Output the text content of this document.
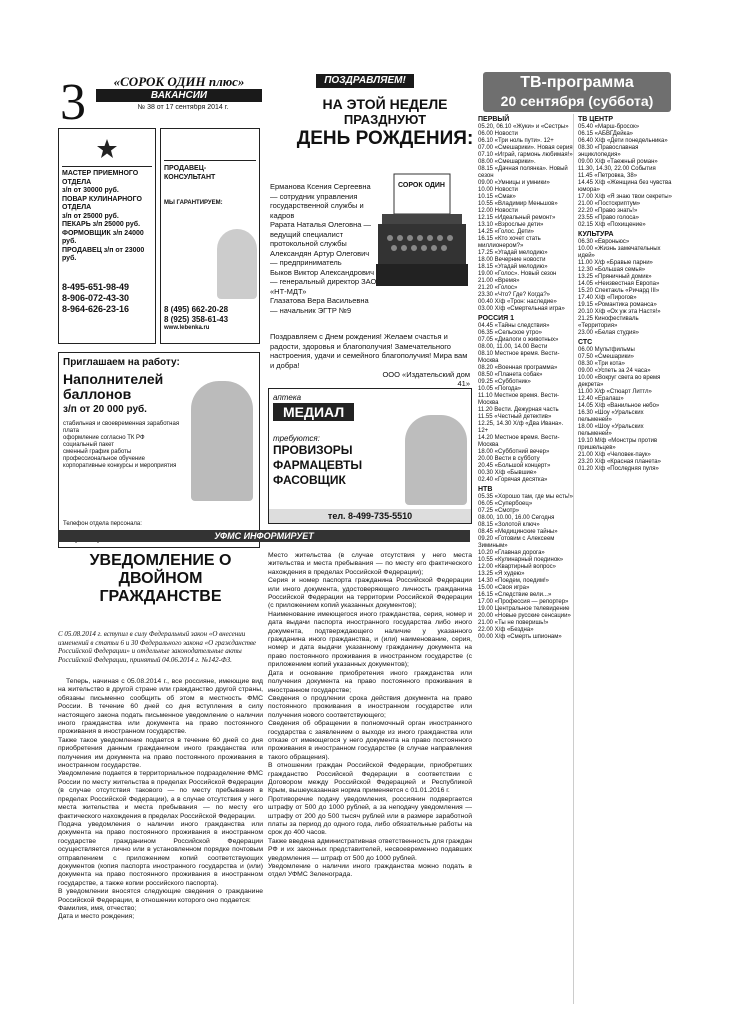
3	«СОРОК ОДИН плюс»
ВАКАНСИИ
№ 38 от 17 сентября 2014 г.
ПОЗДРАВЛЯЕМ!	ТВ-программа
20 сентября (суббота)
МАСТЕР ПРИЕМНОГО ОТДЕЛА
з/п от 30000 руб.
ПОВАР КУЛИНАРНОГО ОТДЕЛА
з/п от 25000 руб.
ПЕКАРЬ з/п 25000 руб.
ФОРМОВЩИК з/п 24000 руб.
ПРОДАВЕЦ з/п от 23000 руб.
8-495-651-98-49
8-906-072-43-30
8-964-626-23-16
ПРОДАВЕЦ-КОНСУЛЬТАНТ
МЫ ГАРАНТИРУЕМ:
8 (495) 662-20-28
8 (925) 358-61-43
www.lebenka.ru
Приглашаем на работу:
Наполнителей баллонов
з/п от 20 000 руб.
стабильная и своевременная заработная плата
оформление согласно ТК РФ
социальный пакет
сменный график работы
профессиональное обучение
корпоративные конкурсы и мероприятия
Телефон отдела персонала:
НА ЭТОЙ НЕДЕЛЕ
ПРАЗДНУЮТ
ДЕНЬ РОЖДЕНИЯ:
Ерманова Ксения Сергеевна — сотрудник управления государственной службы и кадров
Рарата Наталья Олеговна — ведущий специалист протокольной службы
Александян Артур Олегович — предприниматель
Быков Виктор Александрович — генеральный директор ЗАО «НТ-МДТ»
Глазатова Вера Васильевна — начальник ЭГТР №9
СОРОК ОДИН
Поздравляем с Днем рождения! Желаем счастья и радости, здоровья и благополучия! Замечательного настроения, удачи и семейного благополучия! Мира вам и добра!
ООО «Издательский дом 41»
аптека
МЕДИАЛ
требуются:
ПРОВИЗОРЫ
ФАРМАЦЕВТЫ
ФАСОВЩИК
тел. 8-499-735-5510
УФМС ИНФОРМИРУЕТ
УВЕДОМЛЕНИЕ О ДВОЙНОМ ГРАЖДАНСТВЕ
С 05.08.2014 г. вступил в силу Федеральный закон «О внесении изменений в статьи 6 и 30 Федерального закона «О гражданстве Российской Федерации» и отдельные законодательные акты Российской Федерации, принятый 04.06.2014 г. №142-ФЗ.
Теперь, начиная с 05.08.2014 г., все россияне, имеющие вид на жительство в другой стране или гражданство другой страны, обязаны письменно сообщить об этом в местность ФМС России. В течение 60 дней со дня вступления в силу настоящего закона подать письменное уведомление о наличии иного гражданства или документа на право постоянного проживания в иностранном государстве.
Также такое уведомление подается в течение 60 дней со дня приобретения данным гражданином иного гражданства или получения им документа на право постоянного проживания в иностранном государстве.
Уведомление подается в территориальное подразделение ФМС России по месту жительства в пределах Российской Федерации (в случае отсутствия такового — по месту пребывания в пределах Российской Федерации), а в случае отсутствия у него места жительства и места пребывания — по месту его фактического нахождения в пределах Российской Федерации.
Подача уведомления о наличии иного гражданства или документа на право постоянного проживания в иностранном государстве гражданином Российской Федерации осуществляется лично или в установленном порядке почтовым отправлением с приложением копий соответствующих документов (копия паспорта иностранного государства и (или) документа на право постоянного проживания в иностранном государстве, а также копии российского паспорта).
В уведомлении вносятся следующие сведения о гражданине Российской Федерации, в отношении которого оно подается:
Фамилия, имя, отчество;
Дата и место рождения;
Место жительства (в случае отсутствия у него места жительства и места пребывания — по месту его фактического нахождения в пределах Российской Федерации);
Серия и номер паспорта гражданина Российской Федерации или иного документа, удостоверяющего личность гражданина Российской Федерации на территории Российской Федерации (с приложением копий указанных документов);
Наименование имеющегося иного гражданства, серия, номер и дата выдачи паспорта иностранного государства либо иного документа, подтверждающего наличие у указанного гражданина иного гражданства, и (или) наименование, серия, номер и дата выдачи указанному гражданину документа на право постоянного проживания в иностранном государстве (с приложением копий указанных документов);
Дата и основание приобретения иного гражданства или получения документа на право постоянного проживания в иностранном государстве;
Сведения о продлении срока действия документа на право постоянного проживания в иностранном государстве или получения нового соответствующего;
Сведения об обращении в полномочный орган иностранного государства с заявлением о выходе из иного гражданства или отказе от имеющегося у него документа на право постоянного проживания в иностранном государстве (в случае направления такого обращения).
В отношении граждан Российской Федерации, приобретших гражданство Российской Федерации в соответствии с Договором между Российской Федерацией и Республикой Крым, вышеуказанная норма применяется с 01.01.2016 г.
Противоречие подачу уведомления, россиянин подвергается штрафу от 500 до 1000 рублей, а за неподачу уведомления — штрафу от 200 до 500 тысяч рублей или в размере заработной платы за период до одного года, либо обязательные работы на срок до 400 часов.
Также введена административная ответственность для граждан РФ и их законных представителей, несвоевременно подавших уведомления — штраф от 500 до 1000 рублей.
Уведомление о наличии иного гражданства можно подать в отдел УФМС Зеленограда.
ПЕРВЫЙ
05.20, 06.10 «Жуки» и «Сестры»
06.00 Новости
06.10 «Три ноль пути». 12+
07.00 «Смешарики». Новая серия
07.10 «Играй, гармонь любимая!»
08.00 «Смешарики».
08.15 «Дачная полянка». Новый сезон
09.00 «Умницы и умники»
10.00 Новости
10.15 «Смак»
10.55 «Владимир Меньшов»
12.00 Новости
12.15 «Идеальный ремонт»
13.10 «Взрослые дети»
14.25 «Голос. Дети»
16.15 «Кто хочет стать миллионером?»
17.25 «Угадай мелодию»
18.00 Вечерние новости
18.15 «Угадай мелодию»
19.00 «Голос». Новый сезон
21.00 «Время»
21.20 «Голос»
23.30 «Что? Где? Когда?»
00.40 Х/ф «Трон: наследие»
03.00 Х/ф «Смертельная игра»
РОССИЯ 1
04.45 «Тайны следствия»
06.35 «Сельское утро»
07.05 «Диалоги о животных»
08.00, 11.00, 14.00 Вести
08.10 Местное время. Вести-Москва
08.20 «Военная программа»
08.50 «Планета собак»
09.25 «Субботник»
10.05 «Погода»
11.10 Местное время. Вести-Москва
11.20 Вести. Дежурная часть
11.55 «Честный детектив»
12.25, 14.30 Х/ф «Два Ивана». 12+
14.20 Местное время. Вести-Москва
18.00 «Субботний вечер»
20.00 Вести в субботу
20.45 «Большой концерт»
00.30 Х/ф «Бывшие»
02.40 «Горячая десятка»
НТВ
05.35 «Хорошо там, где мы есть!»
06.05 «Супербоец»
07.25 «Смотр»
08.00, 10.00, 16.00 Сегодня
08.15 «Золотой ключ»
08.45 «Медицинские тайны»
09.20 «Готовим с Алексеем Зиминым»
10.20 «Главная дорога»
10.55 «Кулинарный поединок»
12.00 «Квартирный вопрос»
13.25 «Я худею»
14.30 «Поедем, поедим!»
15.00 «Своя игра»
16.15 «Следствие вели...»
17.00 «Профессия — репортер»
19.00 Центральное телевидение
20.00 «Новые русские сенсации»
21.00 «Ты не поверишь!»
22.00 Х/ф «Бездна»
00.00 Х/ф «Смерть шпионам»
ТВ ЦЕНТР
05.40 «Марш-бросок»
06.15 «АБВГДейка»
06.40 Х/ф «Дети понедельника»
08.30 «Православная энциклопедия»
09.00 Х/ф «Таежный роман»
11.30, 14.30, 22.00 События
11.45 «Петровка, 38»
14.45 Х/ф «Женщина без чувства юмора»
17.00 Х/ф «Я знаю твои секреты»
21.00 «Постскриптум»
22.20 «Право знать!»
23.55 «Право голоса»
02.15 Х/ф «Похищение»
КУЛЬТУРА
06.30 «Евроньюс»
10.00 «Жизнь замечательных идей»
11.00 Х/ф «Бравые парни»
12.30 «Большая семья»
13.25 «Пряничный домик»
14.05 «Неизвестная Европа»
15.20 Спектакль «Ричард III»
17.40 Х/ф «Пирогов»
19.15 «Романтика романса»
20.10 Х/ф «Ох уж эта Настя!»
21.25 Кинофестиваль «Территория»
23.00 «Белая студия»
СТС
06.00 Мультфильмы
07.50 «Смешарики»
08.30 «Три кота»
09.00 «Успеть за 24 часа»
10.00 «Вокруг света во время декрета»
11.00 Х/ф «Стюарт Литтл»
12.40 «Ералаш»
14.05 Х/ф «Ванильное небо»
16.30 «Шоу «Уральских пельменей»
18.00 «Шоу «Уральских пельменей»
19.10 М/ф «Монстры против пришельцев»
21.00 Х/ф «Человек-паук»
23.20 Х/ф «Красная планета»
01.20 Х/ф «Последняя пуля»
